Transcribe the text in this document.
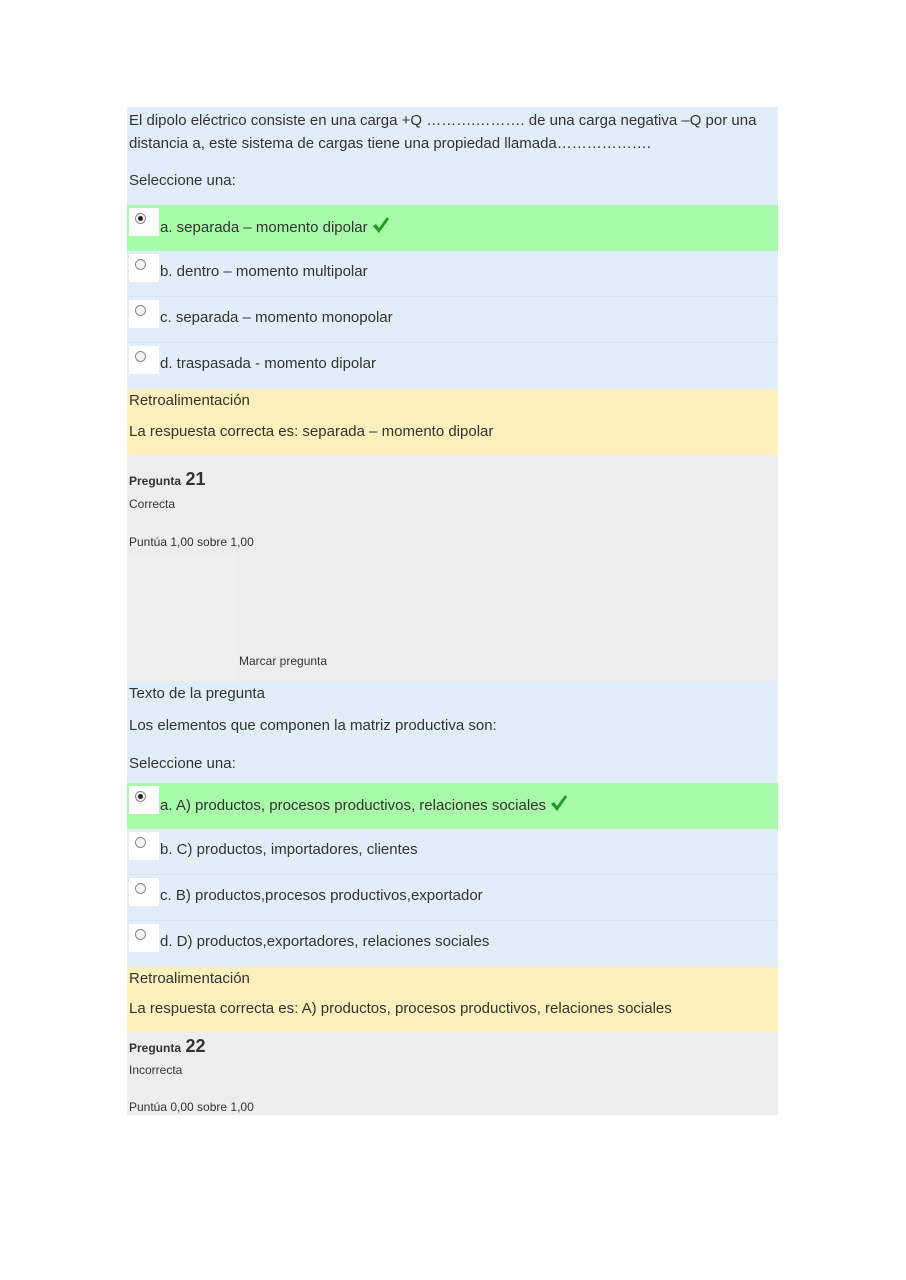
El dipolo eléctrico consiste en una carga +Q ……….………. de una carga negativa –Q por una distancia a, este sistema de cargas tiene una propiedad llamada……………….
Seleccione una:
a. separada – momento dipolar
b. dentro – momento multipolar
c. separada – momento monopolar
d. traspasada - momento dipolar
Retroalimentación
La respuesta correcta es: separada – momento dipolar
Pregunta 21
Correcta
Puntúa 1,00 sobre 1,00
Marcar pregunta
Texto de la pregunta
Los elementos que componen la matriz productiva son:
Seleccione una:
a. A) productos, procesos productivos, relaciones sociales
b. C) productos, importadores, clientes
c. B) productos,procesos productivos,exportador
d. D) productos,exportadores, relaciones sociales
Retroalimentación
La respuesta correcta es: A) productos, procesos productivos, relaciones sociales
Pregunta 22
Incorrecta
Puntúa 0,00 sobre 1,00
